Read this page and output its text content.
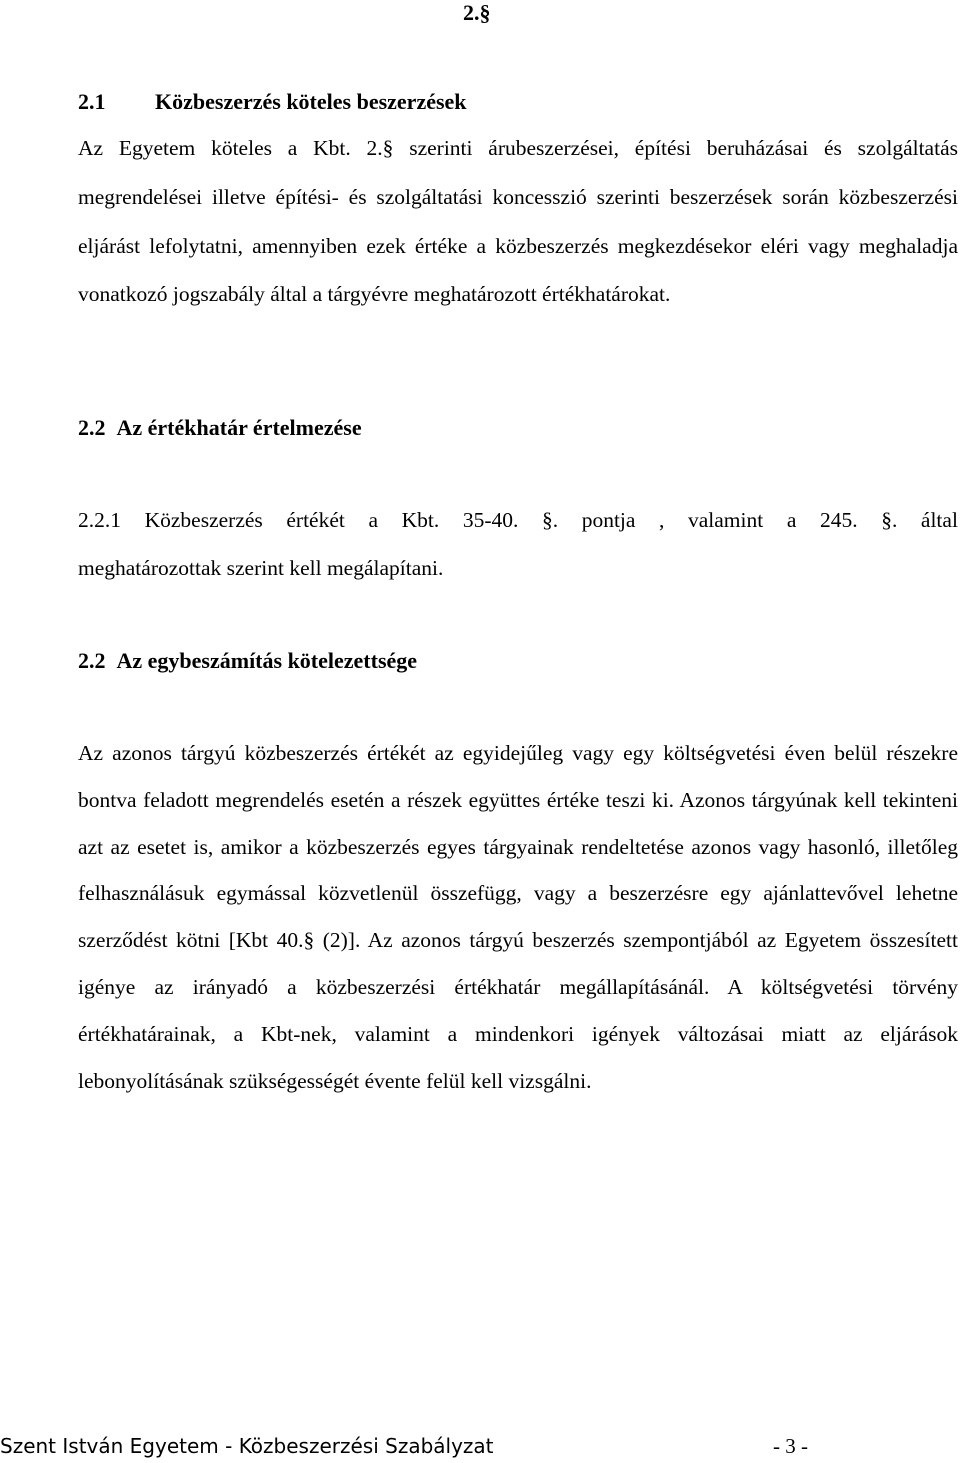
2.§
2.1 Közbeszerzés köteles beszerzések
Az Egyetem köteles a Kbt. 2.§ szerinti árubeszerzései, építési beruházásai és szolgáltatás megrendelései illetve építési- és szolgáltatási koncesszió szerinti beszerzések során közbeszerzési eljárást lefolytatni, amennyiben ezek értéke a közbeszerzés megkezdésekor eléri vagy meghaladja vonatkozó jogszabály által a tárgyévre meghatározott értékhatárokat.
2.2 Az értékhatár értelmezése
2.2.1 Közbeszerzés értékét a Kbt. 35-40. §. pontja , valamint a 245. §. által
meghatározottak szerint kell megálapítani.
2.2 Az egybeszámítás kötelezettsége
Az azonos tárgyú közbeszerzés értékét az egyidejűleg vagy egy költségvetési éven belül részekre bontva feladott megrendelés esetén a részek együttes értéke teszi ki. Azonos tárgyúnak kell tekinteni azt az esetet is, amikor a közbeszerzés egyes tárgyainak rendeltetése azonos vagy hasonló, illetőleg felhasználásuk egymással közvetlenül összefügg, vagy a beszerzésre egy ajánlattevővel lehetne szerződést kötni [Kbt 40.§ (2)]. Az azonos tárgyú beszerzés szempontjából az Egyetem összesített igénye az irányadó a közbeszerzési értékhatár megállapításánál. A költségvetési törvény értékhatárainak, a Kbt-nek, valamint a mindenkori igények változásai miatt az eljárások lebonyolításának szükségességét évente felül kell vizsgálni.
Szent István Egyetem - Közbeszerzési Szabályzat	- 3 -
